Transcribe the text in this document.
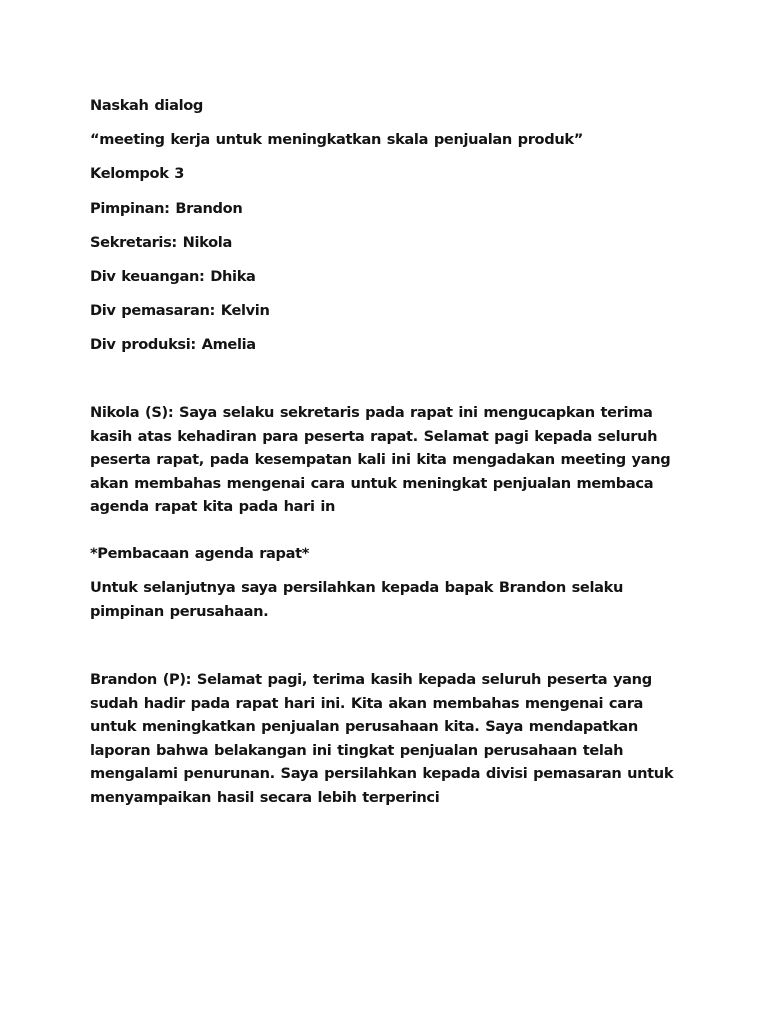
Naskah dialog

“meeting kerja untuk meningkatkan skala penjualan produk”

Kelompok 3

Pimpinan: Brandon

Sekretaris: Nikola

Div keuangan: Dhika

Div pemasaran: Kelvin

Div produksi: Amelia

Nikola (S): Saya selaku sekretaris pada rapat ini mengucapkan terima kasih atas kehadiran para peserta rapat. Selamat pagi kepada seluruh peserta rapat, pada kesempatan kali ini kita mengadakan meeting yang akan membahas mengenai cara untuk meningkat penjualan membaca agenda rapat kita pada hari in

*Pembacaan agenda rapat*

Untuk selanjutnya saya persilahkan kepada bapak Brandon selaku pimpinan perusahaan.

Brandon (P): Selamat pagi, terima kasih kepada seluruh peserta yang sudah hadir pada rapat hari ini. Kita akan membahas mengenai cara untuk meningkatkan penjualan perusahaan kita. Saya mendapatkan laporan bahwa belakangan ini tingkat penjualan perusahaan telah mengalami penurunan. Saya persilahkan kepada divisi pemasaran untuk menyampaikan hasil secara lebih terperinci
